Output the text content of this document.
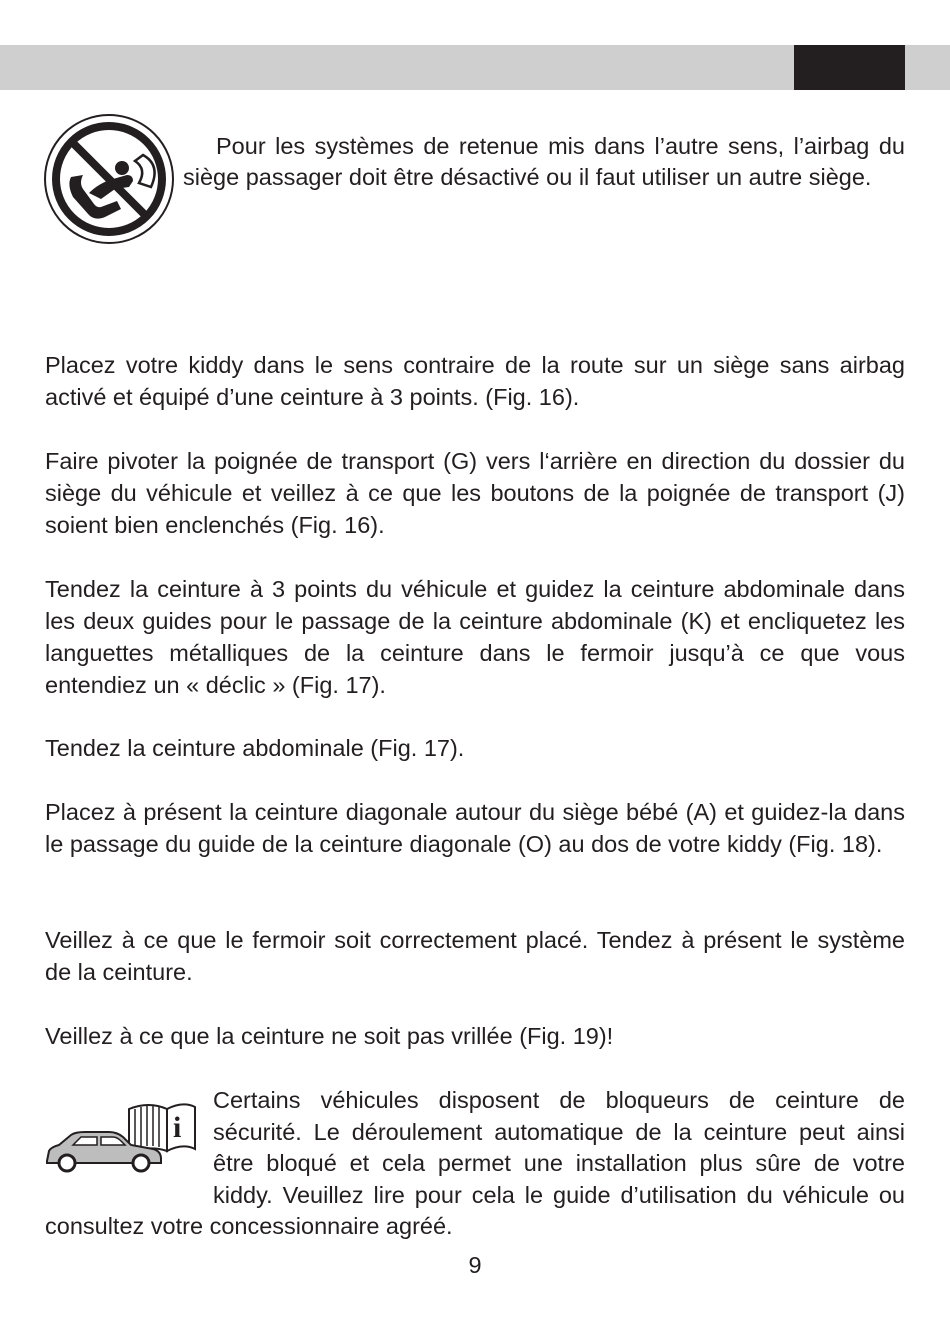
Pour les systèmes de retenue mis dans l’autre sens, l’airbag du siège passager doit être désactivé ou il faut utiliser un autre siège.

Placez votre kiddy dans le sens contraire de la route sur un siège sans airbag activé et équipé d’une ceinture à 3 points. (Fig. 16).

Faire pivoter la poignée de transport (G) vers l‘arrière en direction du dossier du siège du véhicule et veillez à ce que les boutons de la poignée de transport (J) soient bien enclenchés (Fig. 16).

Tendez la ceinture à 3 points du véhicule et guidez la ceinture abdominale dans les deux guides pour le passage de la ceinture abdominale (K) et encliquetez les languettes métalliques de la ceinture dans le fermoir jusqu’à ce que vous entendiez un « déclic » (Fig. 17).

Tendez la ceinture abdominale (Fig. 17).

Placez à présent la ceinture diagonale autour du siège bébé (A) et guidez-la dans le passage du guide de la ceinture diagonale (O) au dos de votre kiddy (Fig. 18).

Veillez à ce que le fermoir soit correctement placé. Tendez à présent le système de la ceinture.

Veillez à ce que la ceinture ne soit pas vrillée (Fig. 19)!

i

Certains véhicules disposent de bloqueurs de ceinture de sécurité. Le déroulement automatique de la ceinture peut ainsi être bloqué et cela permet une installation plus sûre de votre kiddy. Veuillez lire pour cela le guide d’utilisation du véhicule ou consultez votre concessionnaire agréé.

9
